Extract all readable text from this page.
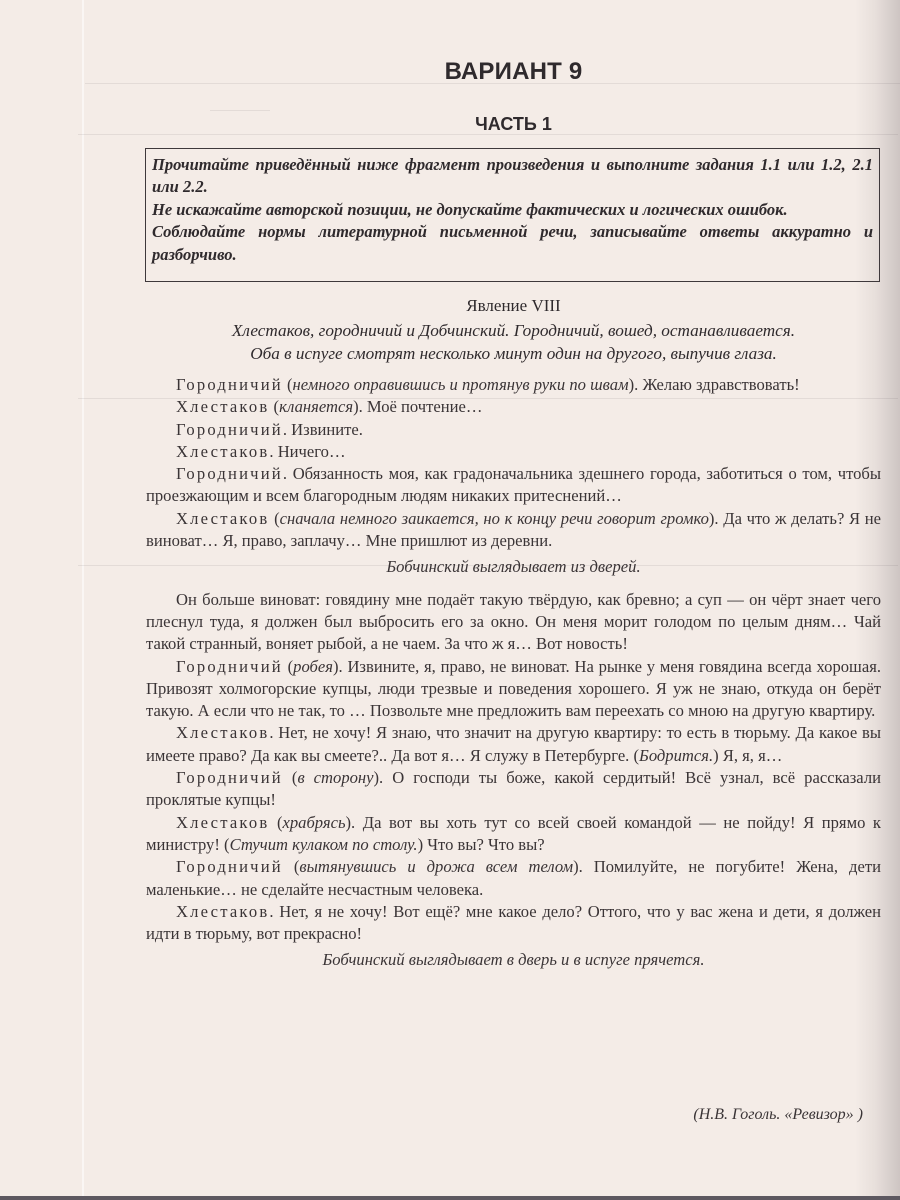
ВАРИАНТ 9
ЧАСТЬ 1

Прочитайте приведённый ниже фрагмент произведения и выполните задания 1.1 или 1.2, 2.1 или 2.2.

Не искажайте авторской позиции, не допускайте фактических и логических ошибок.

Соблюдайте нормы литературной письменной речи, записывайте ответы аккуратно и разборчиво.

Явление VIII
Хлестаков, городничий и Добчинский. Городничий, вошед, останавливается.
Оба в испуге смотрят несколько минут один на другого, выпучив глаза.

Городничий (немного оправившись и протянув руки по швам). Желаю здравствовать!

Хлестаков (кланяется). Моё почтение…

Городничий. Извините.

Хлестаков. Ничего…

Городничий. Обязанность моя, как градоначальника здешнего города, заботиться о том, чтобы проезжающим и всем благородным людям никаких притеснений…

Хлестаков (сначала немного заикается, но к концу речи говорит громко). Да что ж делать? Я не виноват… Я, право, заплачу… Мне пришлют из деревни.

Бобчинский выглядывает из дверей.

Он больше виноват: говядину мне подаёт такую твёрдую, как бревно; а суп — он чёрт знает чего плеснул туда, я должен был выбросить его за окно. Он меня морит голодом по целым дням… Чай такой странный, воняет рыбой, а не чаем. За что ж я… Вот новость!

Городничий (робея). Извините, я, право, не виноват. На рынке у меня говядина всегда хорошая. Привозят холмогорские купцы, люди трезвые и поведения хорошего. Я уж не знаю, откуда он берёт такую. А если что не так, то … Позвольте мне предложить вам переехать со мною на другую квартиру.

Хлестаков. Нет, не хочу! Я знаю, что значит на другую квартиру: то есть в тюрьму. Да какое вы имеете право? Да как вы смеете?.. Да вот я… Я служу в Петербурге. (Бодрится.) Я, я, я…

Городничий (в сторону). О господи ты боже, какой сердитый! Всё узнал, всё рассказали проклятые купцы!

Хлестаков (храбрясь). Да вот вы хоть тут со всей своей командой — не пойду! Я прямо к министру! (Стучит кулаком по столу.) Что вы? Что вы?

Городничий (вытянувшись и дрожа всем телом). Помилуйте, не погубите! Жена, дети маленькие… не сделайте несчастным человека.

Хлестаков. Нет, я не хочу! Вот ещё? мне какое дело? Оттого, что у вас жена и дети, я должен идти в тюрьму, вот прекрасно!

Бобчинский выглядывает в дверь и в испуге прячется.

(Н.В. Гоголь. «Ревизор» )
